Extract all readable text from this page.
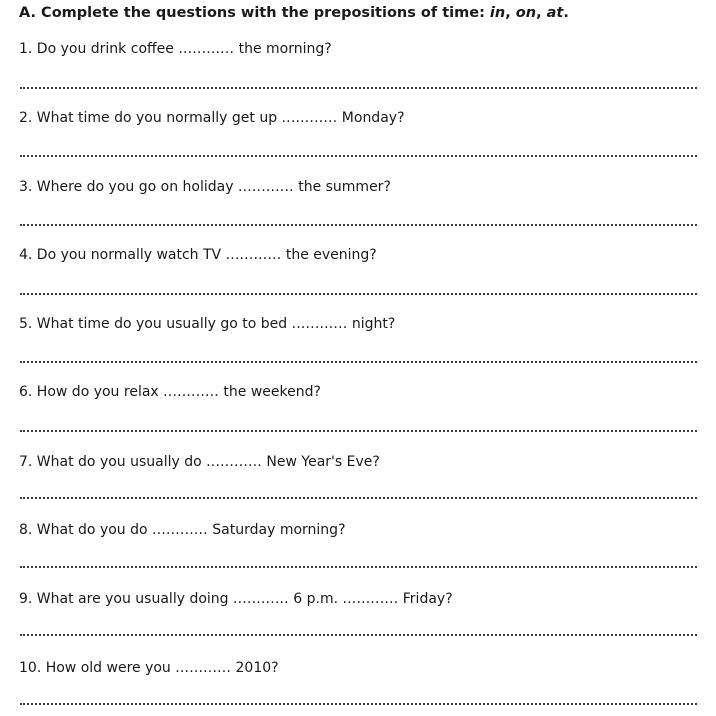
A. Complete the questions with the prepositions of time: in, on, at.
1. Do you drink coffee ............ the morning?
2. What time do you normally get up ............ Monday?
3. Where do you go on holiday ............ the summer?
4. Do you normally watch TV ............ the evening?
5. What time do you usually go to bed ............ night?
6. How do you relax ............ the weekend?
7. What do you usually do ............ New Year's Eve?
8. What do you do ............ Saturday morning?
9. What are you usually doing ............ 6 p.m. ............ Friday?
10. How old were you ............ 2010?
